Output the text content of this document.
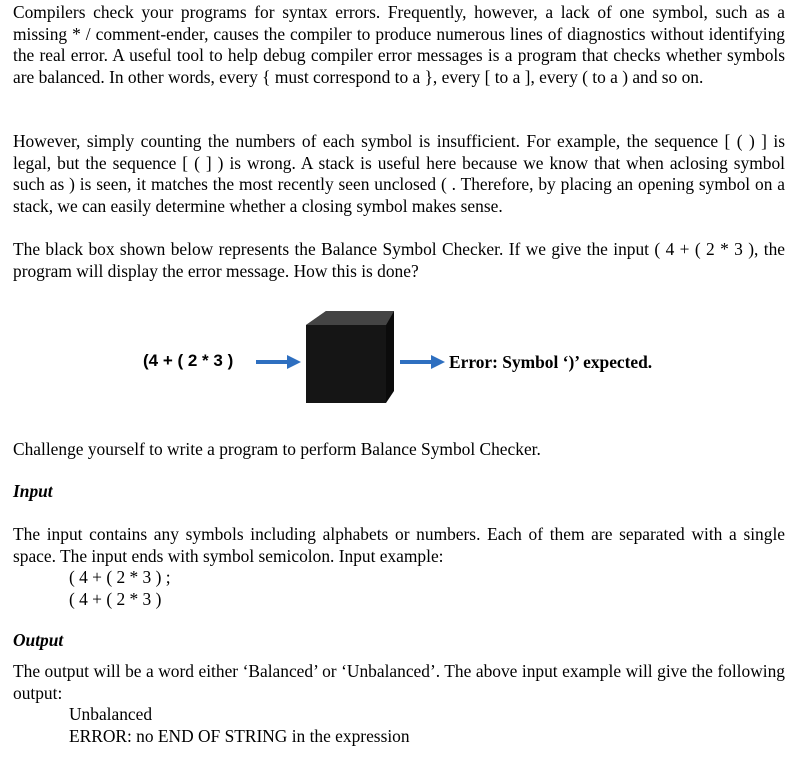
Compilers check your programs for syntax errors. Frequently, however, a lack of one symbol, such as a missing * / comment-ender, causes the compiler to produce numerous lines of diagnostics without identifying the real error. A useful tool to help debug compiler error messages is a program that checks whether symbols are balanced. In other words, every { must correspond to a }, every [ to a ], every ( to a ) and so on.

However, simply counting the numbers of each symbol is insufficient. For example, the sequence [ ( ) ] is legal, but the sequence [ ( ] ) is wrong. A stack is useful here because we know that when aclosing symbol such as ) is seen, it matches the most recently seen unclosed ( . Therefore, by placing an opening symbol on a stack, we can easily determine whether a closing symbol makes sense.

The black box shown below represents the Balance Symbol Checker. If we give the input ( 4 + ( 2 * 3 ), the program will display the error message. How this is done?

(4 + ( 2 * 3 )	Error: Symbol ‘)’ expected.

Challenge yourself to write a program to perform Balance Symbol Checker.

Input

The input contains any symbols including alphabets or numbers. Each of them are separated with a single space. The input ends with symbol semicolon. Input example:

( 4 + ( 2 * 3 ) ;

( 4 + ( 2 * 3 )

Output

The output will be a word either ‘Balanced’ or ‘Unbalanced’. The above input example will give the following output:

Unbalanced

ERROR: no END OF STRING in the expression
